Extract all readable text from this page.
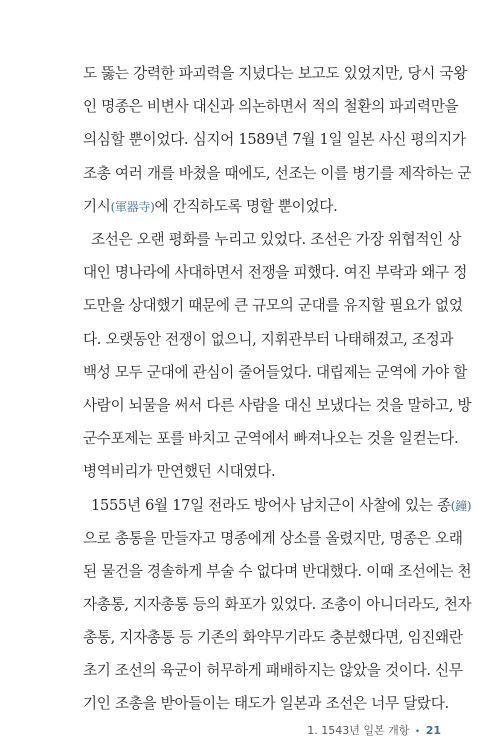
도 뚫는 강력한 파괴력을 지녔다는 보고도 있었지만, 당시 국왕
인 명종은 비변사 대신과 의논하면서 적의 철환의 파괴력만을
의심할 뿐이었다. 심지어 1589년 7월 1일 일본 사신 평의지가
조총 여러 개를 바쳤을 때에도, 선조는 이를 병기를 제작하는 군
기시(軍器寺)에 간직하도록 명할 뿐이었다.
조선은 오랜 평화를 누리고 있었다. 조선은 가장 위협적인 상
대인 명나라에 사대하면서 전쟁을 피했다. 여진 부락과 왜구 정
도만을 상대했기 때문에 큰 규모의 군대를 유지할 필요가 없었
다. 오랫동안 전쟁이 없으니, 지휘관부터 나태해졌고, 조정과
백성 모두 군대에 관심이 줄어들었다. 대립제는 군역에 가야 할
사람이 뇌물을 써서 다른 사람을 대신 보냈다는 것을 말하고, 방
군수포제는 포를 바치고 군역에서 빠져나오는 것을 일컫는다.
병역비리가 만연했던 시대였다.
1555년 6월 17일 전라도 방어사 남치근이 사찰에 있는 종(鐘)
으로 총통을 만들자고 명종에게 상소를 올렸지만, 명종은 오래
된 물건을 경솔하게 부술 수 없다며 반대했다. 이때 조선에는 천
자총통, 지자총통 등의 화포가 있었다. 조총이 아니더라도, 천자
총통, 지자총통 등 기존의 화약무기라도 충분했다면, 임진왜란
초기 조선의 육군이 허무하게 패배하지는 않았을 것이다. 신무
기인 조총을 받아들이는 태도가 일본과 조선은 너무 달랐다.
1. 1543년 일본 개항 • 21
